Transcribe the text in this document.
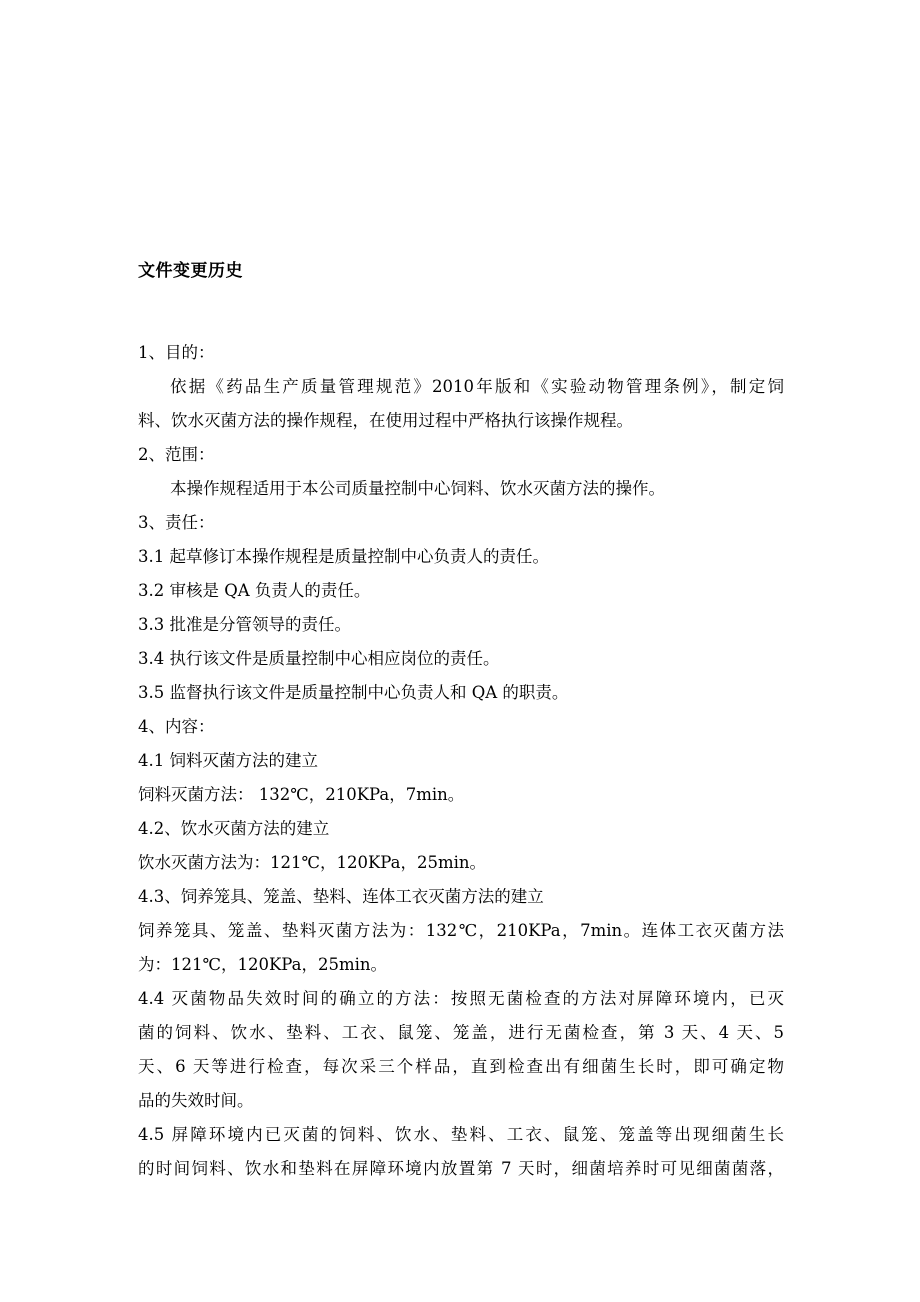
文件变更历史
1、目的：
依据《药品生产质量管理规范》2010年版和《实验动物管理条例》，制定饲
料、饮水灭菌方法的操作规程，在使用过程中严格执行该操作规程。
2、范围：
本操作规程适用于本公司质量控制中心饲料、饮水灭菌方法的操作。
3、责任：
3.1 起草修订本操作规程是质量控制中心负责人的责任。
3.2 审核是 QA 负责人的责任。
3.3 批准是分管领导的责任。
3.4 执行该文件是质量控制中心相应岗位的责任。
3.5 监督执行该文件是质量控制中心负责人和 QA 的职责。
4、内容：
4.1 饲料灭菌方法的建立
饲料灭菌方法： 132℃，210KPa，7min。
4.2、饮水灭菌方法的建立
饮水灭菌方法为：121℃，120KPa，25min。
4.3、饲养笼具、笼盖、垫料、连体工衣灭菌方法的建立
饲养笼具、笼盖、垫料灭菌方法为：132℃，210KPa，7min。连体工衣灭菌方法
为：121℃，120KPa，25min。
4.4 灭菌物品失效时间的确立的方法：按照无菌检查的方法对屏障环境内，已灭
菌的饲料、饮水、垫料、工衣、鼠笼、笼盖，进行无菌检查，第 3 天、4 天、5
天、6 天等进行检查，每次采三个样品，直到检查出有细菌生长时，即可确定物
品的失效时间。
4.5 屏障环境内已灭菌的饲料、饮水、垫料、工衣、鼠笼、笼盖等出现细菌生长
的时间饲料、饮水和垫料在屏障环境内放置第 7 天时，细菌培养时可见细菌菌落，
